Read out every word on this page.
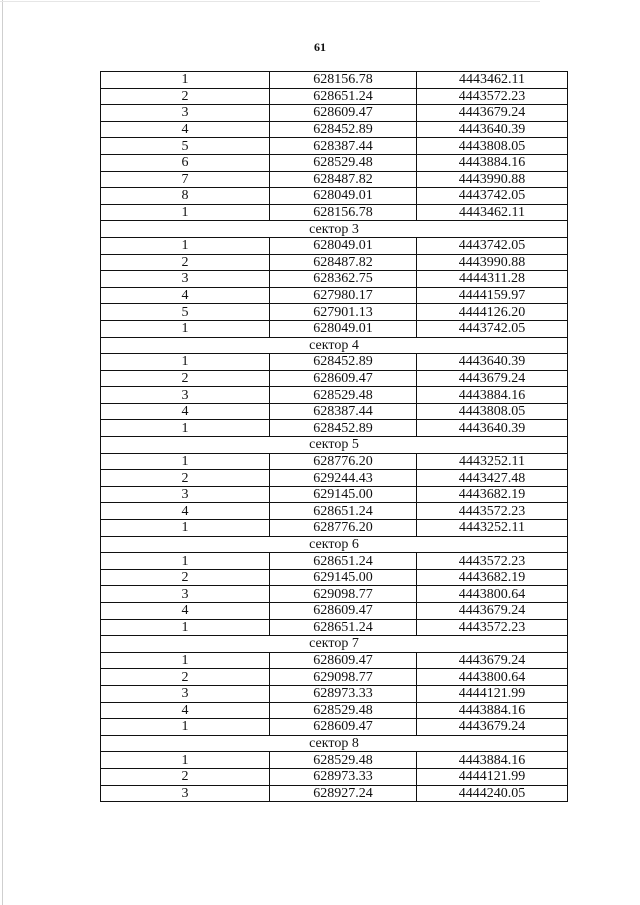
61
1	628156.78	4443462.11
2	628651.24	4443572.23
3	628609.47	4443679.24
4	628452.89	4443640.39
5	628387.44	4443808.05
6	628529.48	4443884.16
7	628487.82	4443990.88
8	628049.01	4443742.05
1	628156.78	4443462.11
сектор 3		
1	628049.01	4443742.05
2	628487.82	4443990.88
3	628362.75	4444311.28
4	627980.17	4444159.97
5	627901.13	4444126.20
1	628049.01	4443742.05
сектор 4		
1	628452.89	4443640.39
2	628609.47	4443679.24
3	628529.48	4443884.16
4	628387.44	4443808.05
1	628452.89	4443640.39
сектор 5		
1	628776.20	4443252.11
2	629244.43	4443427.48
3	629145.00	4443682.19
4	628651.24	4443572.23
1	628776.20	4443252.11
сектор 6		
1	628651.24	4443572.23
2	629145.00	4443682.19
3	629098.77	4443800.64
4	628609.47	4443679.24
1	628651.24	4443572.23
сектор 7		
1	628609.47	4443679.24
2	629098.77	4443800.64
3	628973.33	4444121.99
4	628529.48	4443884.16
1	628609.47	4443679.24
сектор 8		
1	628529.48	4443884.16
2	628973.33	4444121.99
3	628927.24	4444240.05
